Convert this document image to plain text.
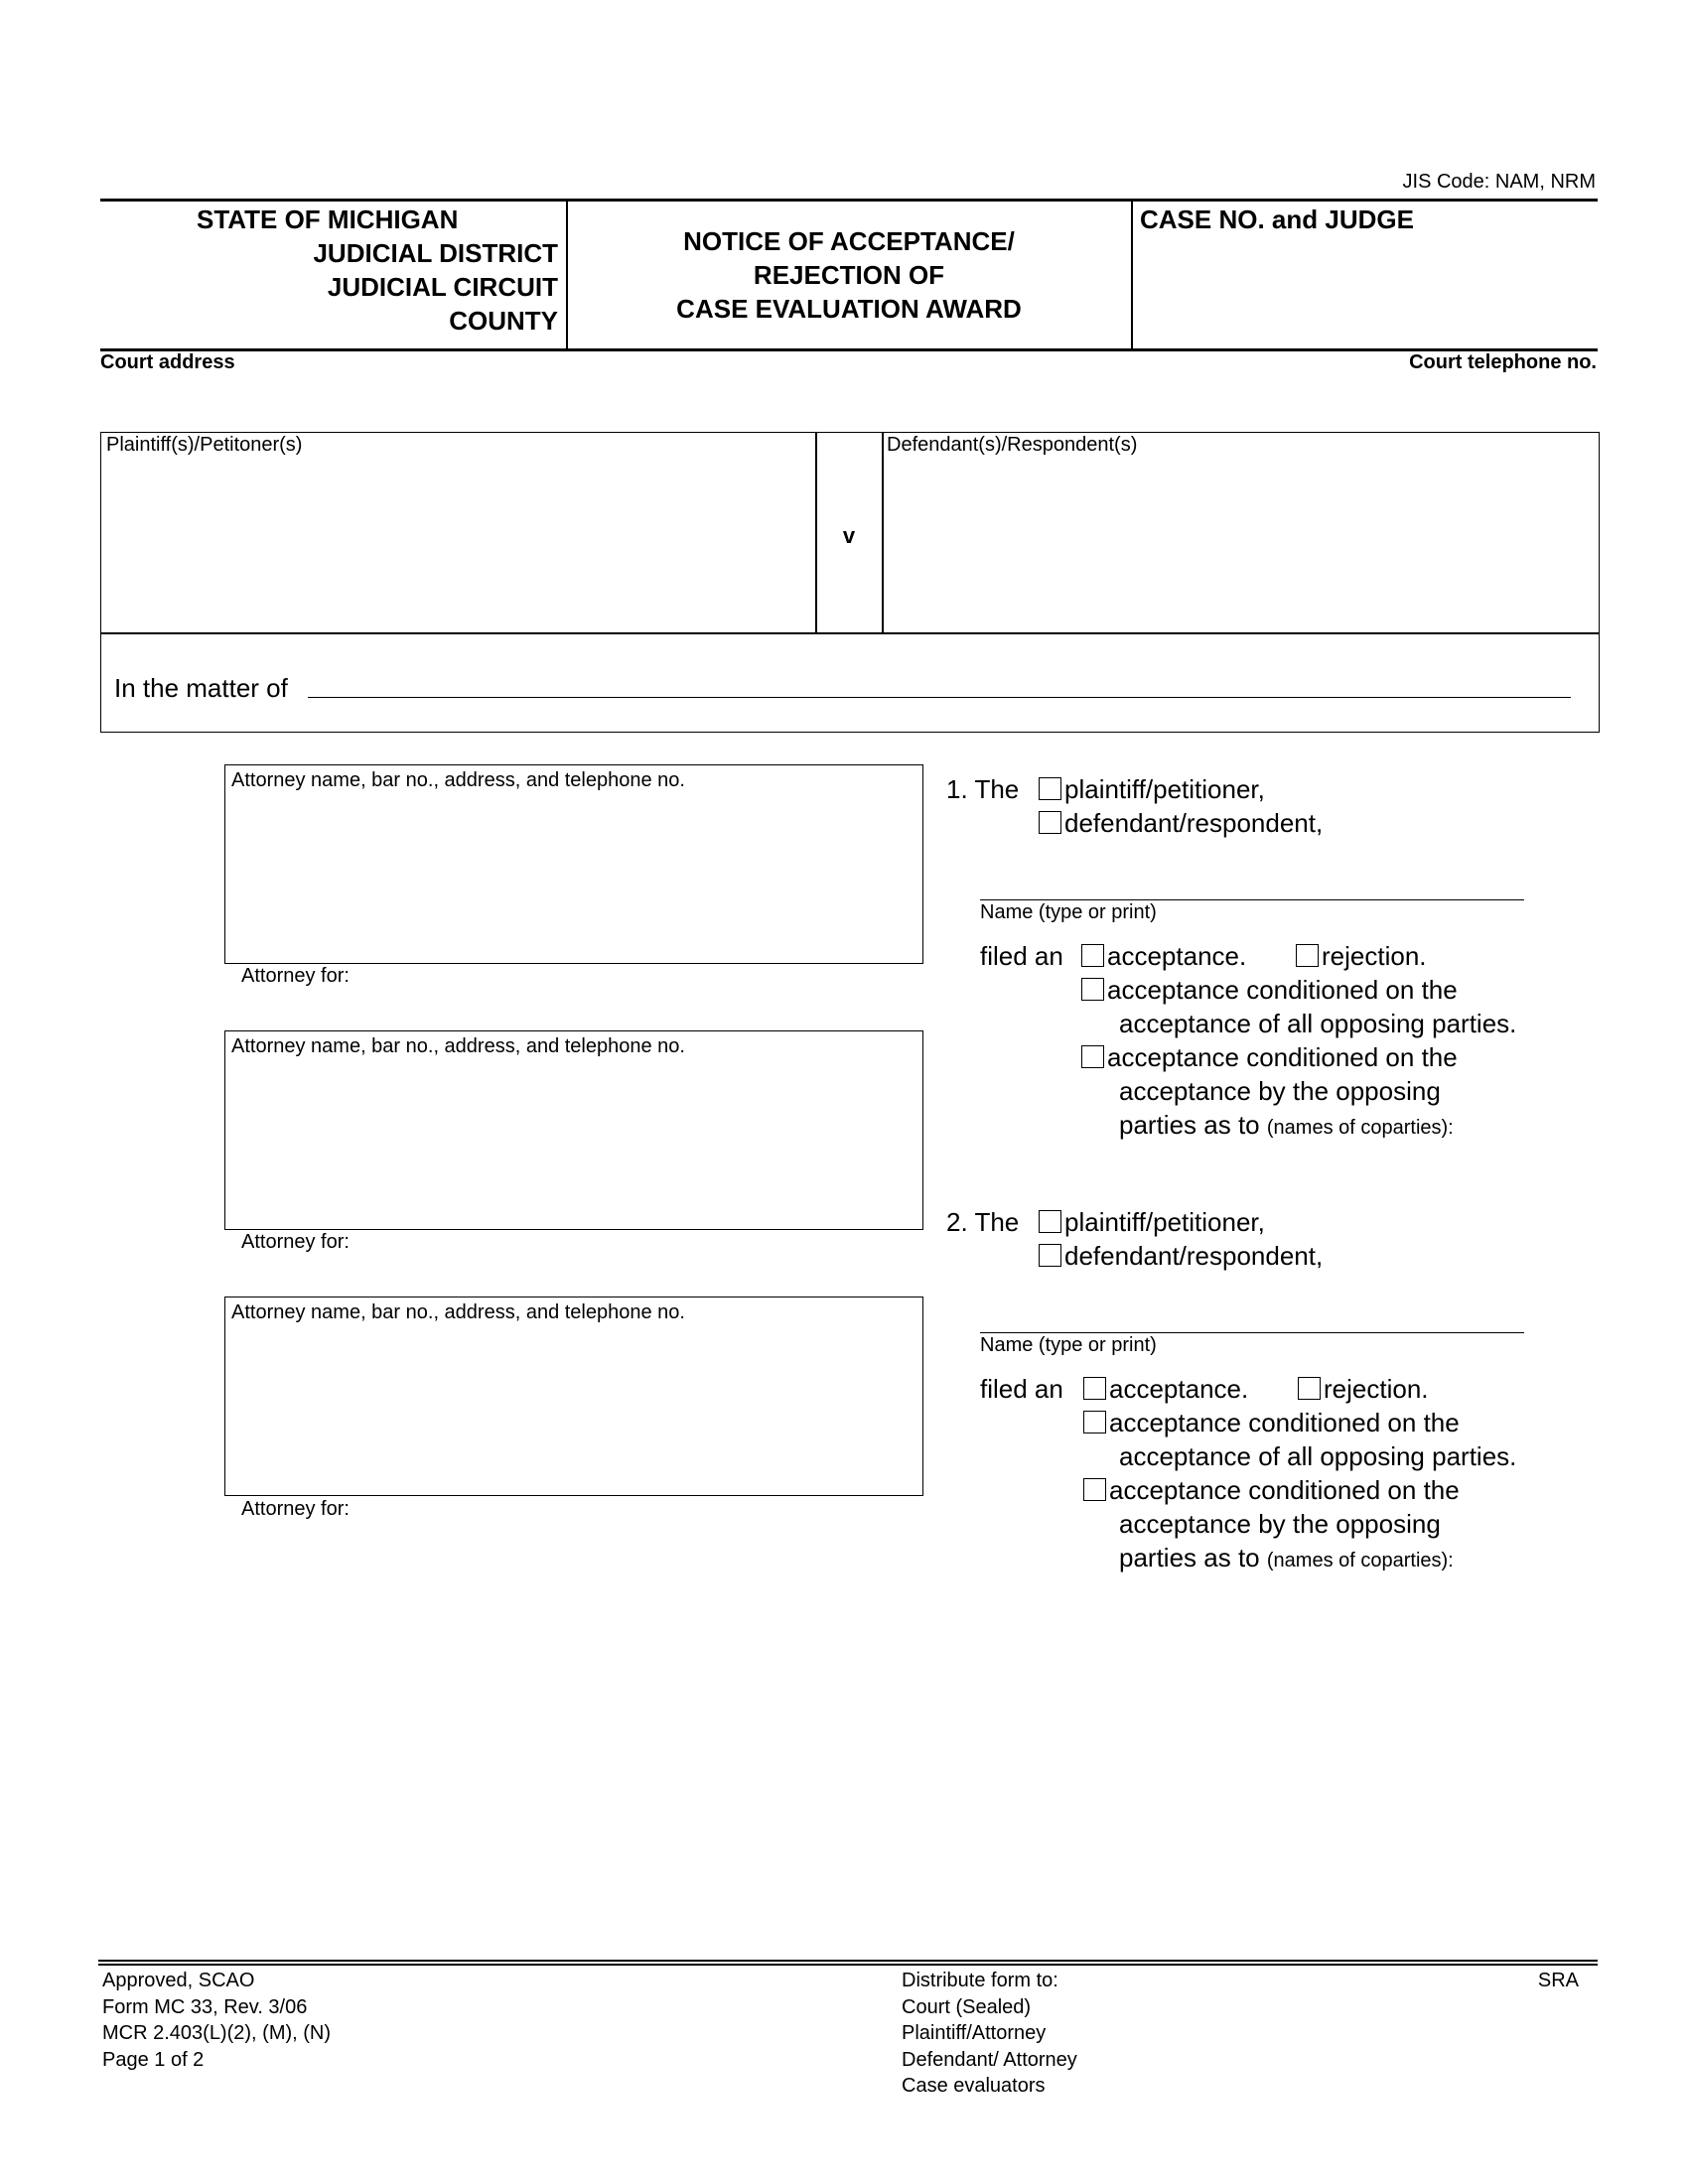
JIS Code: NAM, NRM
STATE OF MICHIGAN
JUDICIAL DISTRICT
JUDICIAL CIRCUIT
COUNTY
NOTICE OF ACCEPTANCE/
REJECTION OF
CASE EVALUATION AWARD
CASE NO. and JUDGE
Court address	Court telephone no.
Plaintiff(s)/Petitoner(s)
v
Defendant(s)/Respondent(s)
In the matter of
Attorney name, bar no., address, and telephone no.
Attorney for:
Attorney name, bar no., address, and telephone no.
Attorney for:
Attorney name, bar no., address, and telephone no.
Attorney for:
1. The	plaintiff/petitioner,
defendant/respondent,
Name (type or print)
filed an	acceptance.	rejection.
acceptance conditioned on the
acceptance of all opposing parties.
acceptance conditioned on the
acceptance by the opposing
parties as to (names of coparties):
2. The	plaintiff/petitioner,
defendant/respondent,
Name (type or print)
filed an	acceptance.	rejection.
acceptance conditioned on the
acceptance of all opposing parties.
acceptance conditioned on the
acceptance by the opposing
parties as to (names of coparties):
Approved, SCAO
Form MC 33, Rev. 3/06
MCR 2.403(L)(2), (M), (N)
Page 1 of 2
Distribute form to:
Court (Sealed)
Plaintiff/Attorney
Defendant/ Attorney
Case evaluators
SRA
